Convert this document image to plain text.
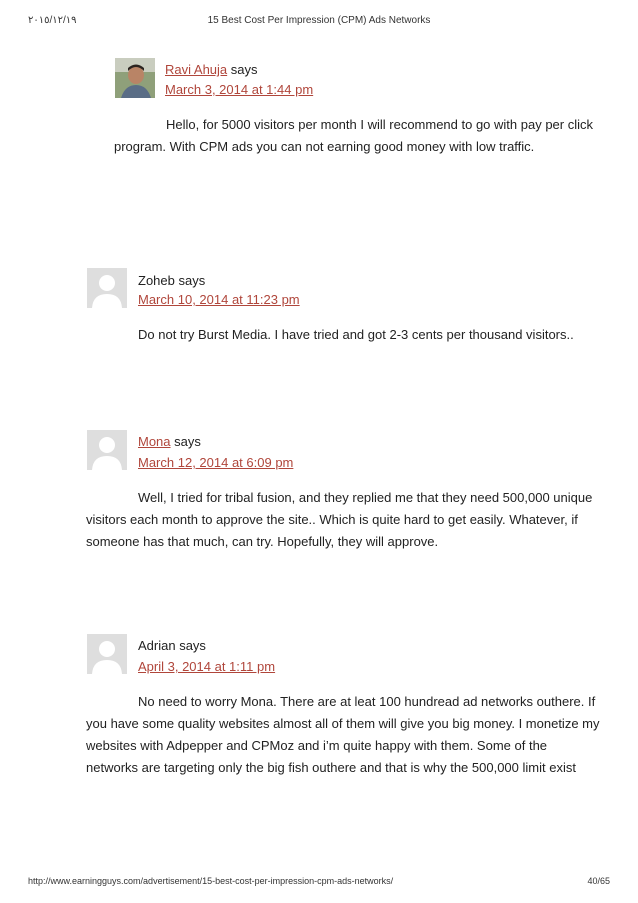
٢٠١٥/١٢/١٩	15 Best Cost Per Impression (CPM) Ads Networks
Ravi Ahuja says
March 3, 2014 at 1:44 pm
Hello, for 5000 visitors per month I will recommend to go with pay per click
program. With CPM ads you can not earning good money with low traffic.
Zoheb says
March 10, 2014 at 11:23 pm
Do not try Burst Media. I have tried and got 2-3 cents per thousand visitors..
Mona says
March 12, 2014 at 6:09 pm
Well, I tried for tribal fusion, and they replied me that they need 500,000 unique
visitors each month to approve the site.. Which is quite hard to get easily. Whatever, if
someone has that much, can try. Hopefully, they will approve.
Adrian says
April 3, 2014 at 1:11 pm
No need to worry Mona. There are at leat 100 hundread ad networks outhere. If
you have some quality websites almost all of them will give you big money. I monetize my
websites with Adpepper and CPMoz and i’m quite happy with them. Some of the
networks are targeting only the big fish outhere and that is why the 500,000 limit exist
http://www.earningguys.com/advertisement/15-best-cost-per-impression-cpm-ads-networks/	40/65
